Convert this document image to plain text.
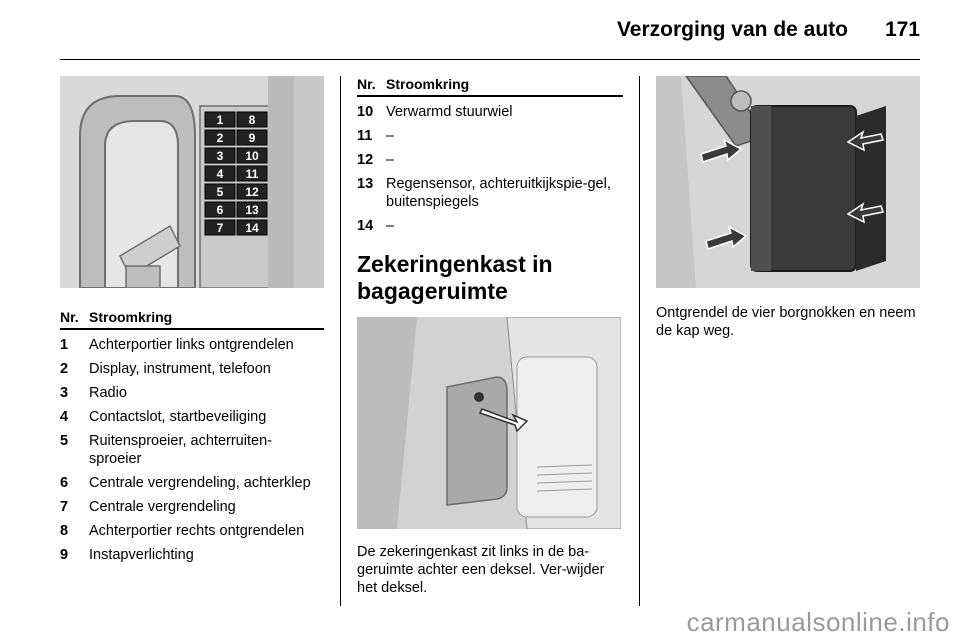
Verzorging van de auto 171
1
2
3
4
5
6
7
8
9
10
11
12
13
14
Nr. Stroomkring
1	Achterportier links ontgrendelen
2	Display, instrument, telefoon
3	Radio
4	Contactslot, startbeveiliging
5	Ruitensproeier, achterruiten-sproeier
6	Centrale vergrendeling, achterklep
7	Centrale vergrendeling
8	Achterportier rechts ontgrendelen
9	Instapverlichting
Nr. Stroomkring
10 Verwarmd stuurwiel
11 –
12 –
13 Regensensor, achteruitkijkspie-gel, buitenspiegels
14 –
Zekeringenkast in bagageruimte
De zekeringenkast zit links in de ba-geruimte achter een deksel. Ver-wijder het deksel.
Ontgrendel de vier borgnokken en neem de kap weg.
carmanualsonline.info
